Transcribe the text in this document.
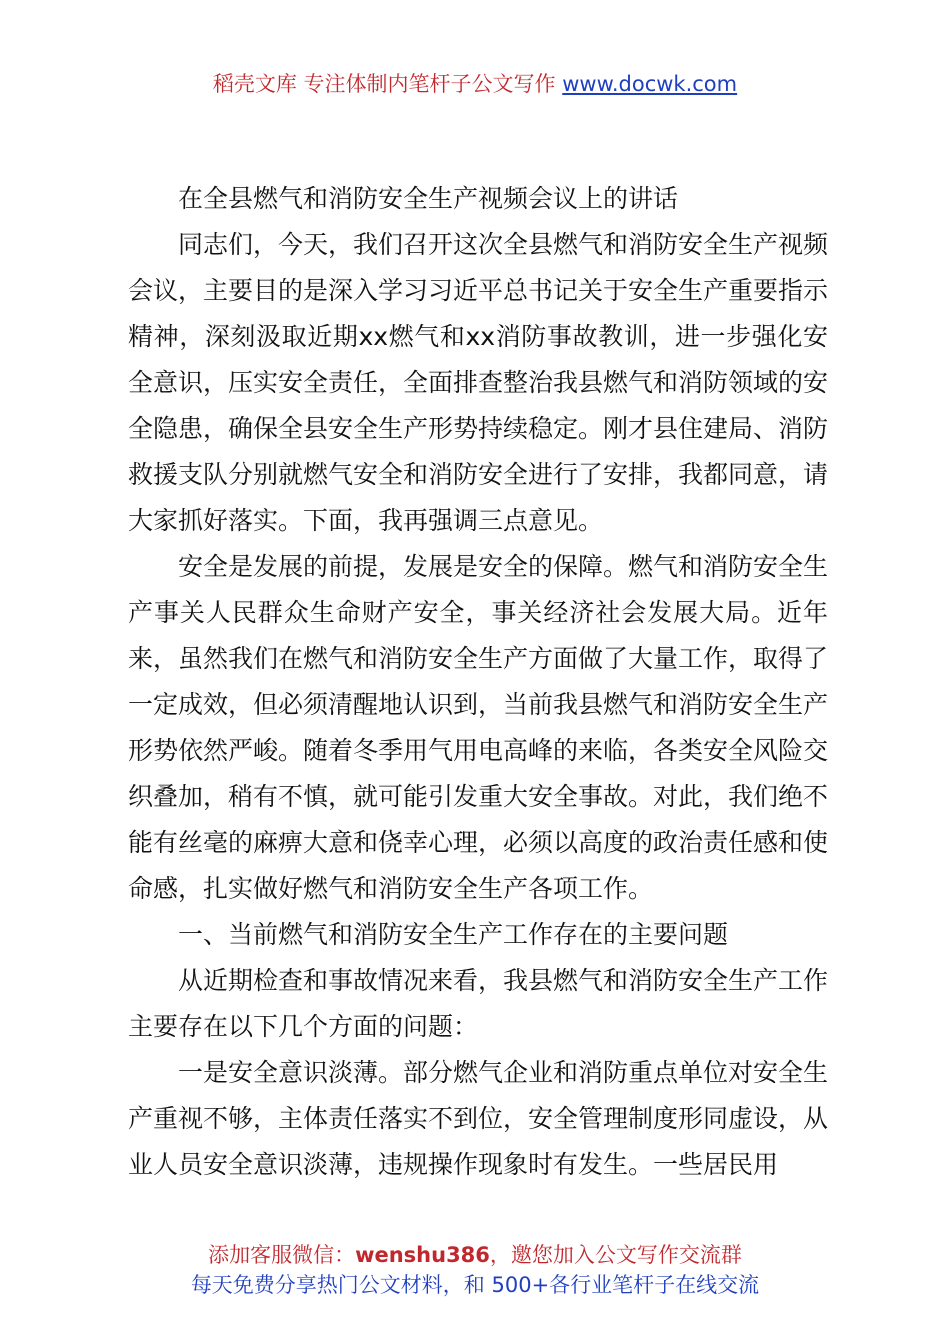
稻壳文库 专注体制内笔杆子公文写作 www.docwk.com

在全县燃气和消防安全生产视频会议上的讲话

同志们，今天，我们召开这次全县燃气和消防安全生产视频会议，主要目的是深入学习习近平总书记关于安全生产重要指示精神，深刻汲取近期xx燃气和xx消防事故教训，进一步强化安全意识，压实安全责任，全面排查整治我县燃气和消防领域的安全隐患，确保全县安全生产形势持续稳定。刚才县住建局、消防救援支队分别就燃气安全和消防安全进行了安排，我都同意，请大家抓好落实。下面，我再强调三点意见。

安全是发展的前提，发展是安全的保障。燃气和消防安全生产事关人民群众生命财产安全，事关经济社会发展大局。近年来，虽然我们在燃气和消防安全生产方面做了大量工作，取得了一定成效，但必须清醒地认识到，当前我县燃气和消防安全生产形势依然严峻。随着冬季用气用电高峰的来临，各类安全风险交织叠加，稍有不慎，就可能引发重大安全事故。对此，我们绝不能有丝毫的麻痹大意和侥幸心理，必须以高度的政治责任感和使命感，扎实做好燃气和消防安全生产各项工作。

一、当前燃气和消防安全生产工作存在的主要问题

从近期检查和事故情况来看，我县燃气和消防安全生产工作主要存在以下几个方面的问题：

一是安全意识淡薄。部分燃气企业和消防重点单位对安全生产重视不够，主体责任落实不到位，安全管理制度形同虚设，从业人员安全意识淡薄，违规操作现象时有发生。一些居民用

添加客服微信：wenshu386，邀您加入公文写作交流群
每天免费分享热门公文材料，和 500+各行业笔杆子在线交流
